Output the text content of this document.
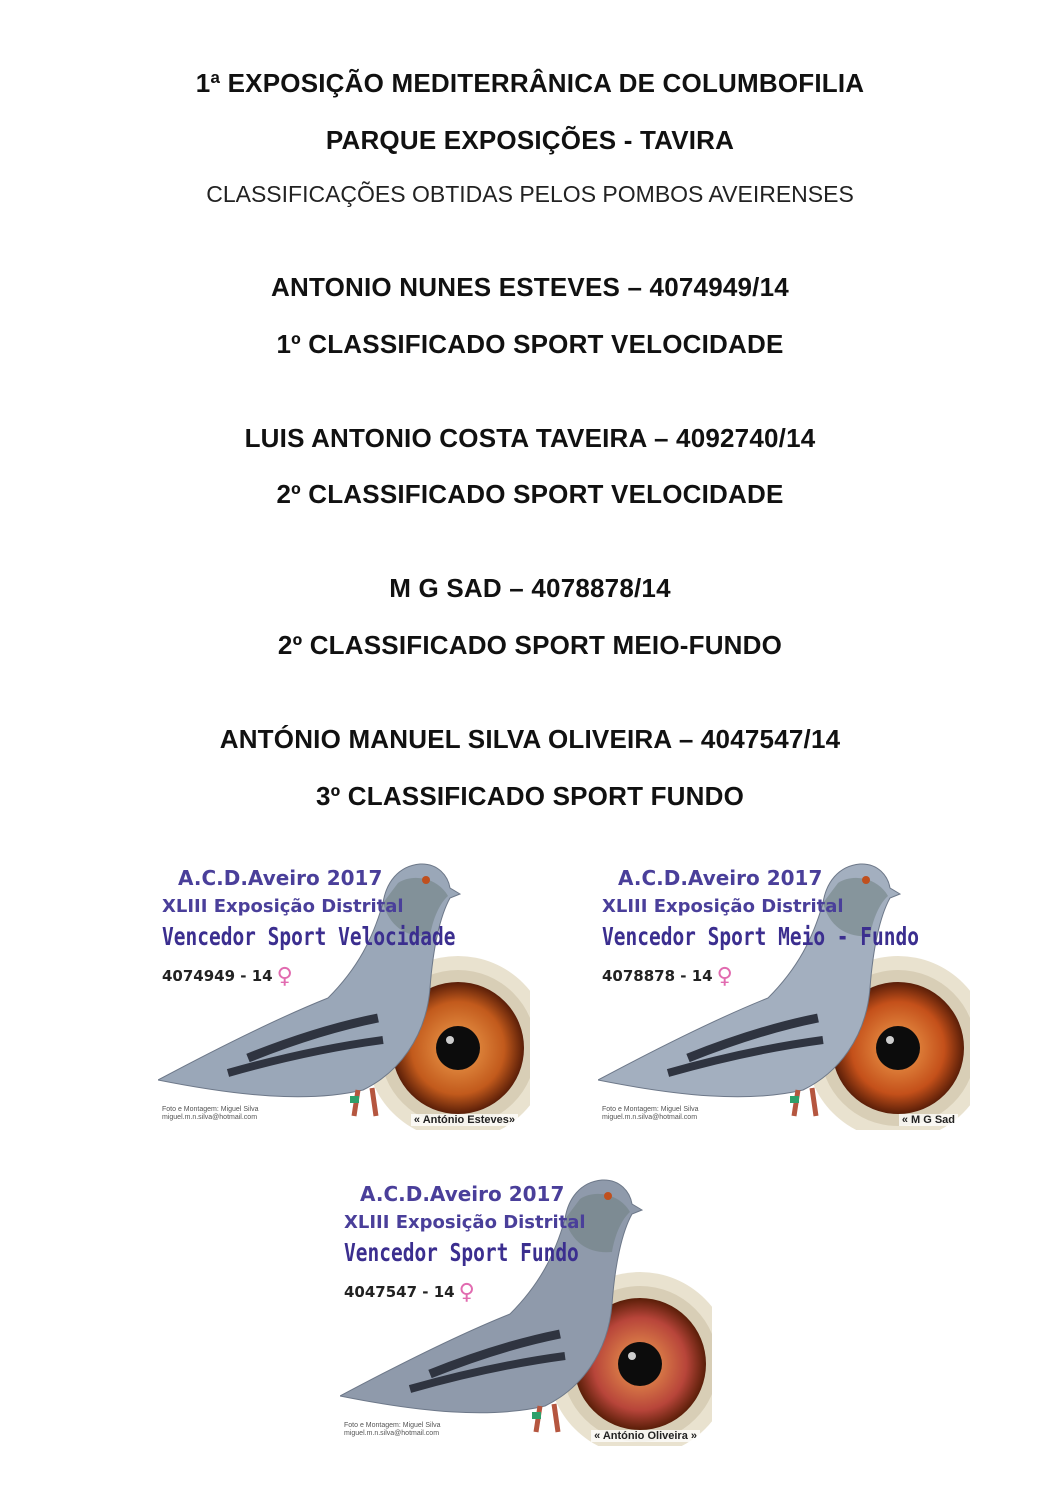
1ª EXPOSIÇÃO MEDITERRÂNICA DE COLUMBOFILIA
PARQUE EXPOSIÇÕES - TAVIRA
CLASSIFICAÇÕES OBTIDAS PELOS POMBOS AVEIRENSES
ANTONIO NUNES ESTEVES – 4074949/14
1º CLASSIFICADO SPORT VELOCIDADE
LUIS ANTONIO COSTA TAVEIRA – 4092740/14
2º CLASSIFICADO SPORT VELOCIDADE
M G SAD – 4078878/14
2º CLASSIFICADO SPORT MEIO-FUNDO
ANTÓNIO MANUEL SILVA OLIVEIRA – 4047547/14
3º CLASSIFICADO SPORT FUNDO
A.C.D.Aveiro 2017
XLIII Exposição Distrital
Vencedor Sport Velocidade
4074949 - 14 ♀
Foto e Montagem: Miguel Silva
miguel.m.n.silva@hotmail.com	« António Esteves»
A.C.D.Aveiro 2017
XLIII Exposição Distrital
Vencedor Sport Meio - Fundo
4078878 - 14 ♀
Foto e Montagem: Miguel Silva
miguel.m.n.silva@hotmail.com	« M G Sad
A.C.D.Aveiro 2017
XLIII Exposição Distrital
Vencedor Sport Fundo
4047547 - 14 ♀
Foto e Montagem: Miguel Silva
miguel.m.n.silva@hotmail.com	« António Oliveira »
